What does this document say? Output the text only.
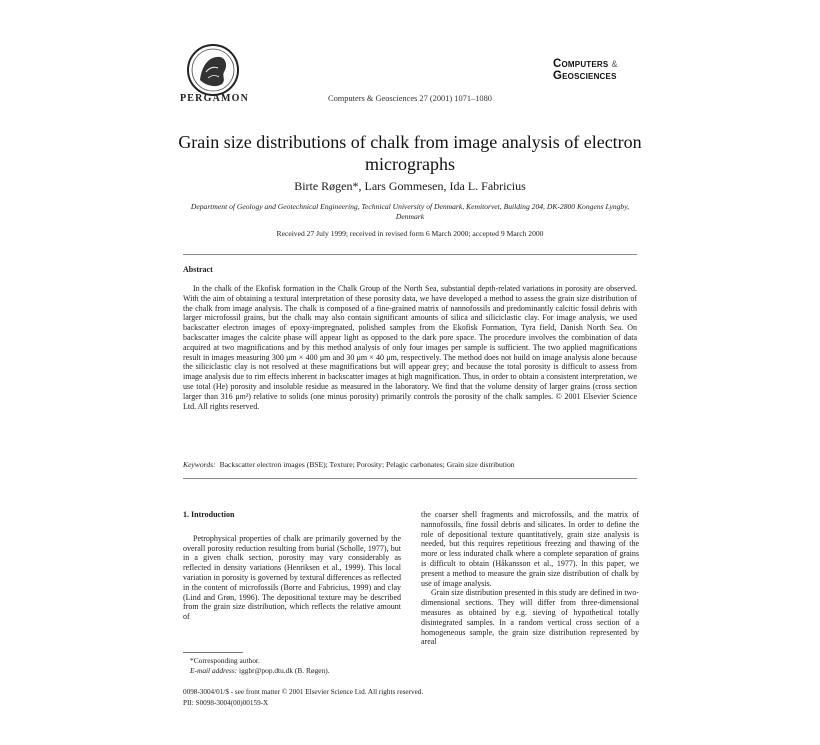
PERGAMON	Computers & Geosciences 27 (2001) 1071–1080
Computers &
Geosciences
Grain size distributions of chalk from image analysis of electron micrographs
Birte Røgen*, Lars Gommesen, Ida L. Fabricius
Department of Geology and Geotechnical Engineering, Technical University of Denmark, Kemitorvet, Building 204, DK-2800 Kongens Lyngby, Denmark
Received 27 July 1999; received in revised form 6 March 2000; accepted 9 March 2000
Abstract

In the chalk of the Ekofisk formation in the Chalk Group of the North Sea, substantial depth-related variations in porosity are observed. With the aim of obtaining a textural interpretation of these porosity data, we have developed a method to assess the grain size distribution of the chalk from image analysis. The chalk is composed of a fine-grained matrix of nannofossils and predominantly calcitic fossil debris with larger microfossil grains, but the chalk may also contain significant amounts of silica and siliciclastic clay. For image analysis, we used backscatter electron images of epoxy-impregnated, polished samples from the Ekofisk Formation, Tyra field, Danish North Sea. On backscatter images the calcite phase will appear light as opposed to the dark pore space. The procedure involves the combination of data acquired at two magnifications and by this method analysis of only four images per sample is sufficient. The two applied magnifications result in images measuring 300 μm × 400 μm and 30 μm × 40 μm, respectively. The method does not build on image analysis alone because the siliciclastic clay is not resolved at these magnifications but will appear grey; and because the total porosity is difficult to assess from image analysis due to rim effects inherent in backscatter images at high magnification. Thus, in order to obtain a consistent interpretation, we use total (He) porosity and insoluble residue as measured in the laboratory. We find that the volume density of larger grains (cross section larger than 316 μm²) relative to solids (one minus porosity) primarily controls the porosity of the chalk samples. © 2001 Elsevier Science Ltd. All rights reserved.

Keywords: Backscatter electron images (BSE); Texture; Porosity; Pelagic carbonates; Grain size distribution

1. Introduction

Petrophysical properties of chalk are primarily governed by the overall porosity reduction resulting from burial (Scholle, 1977), but in a given chalk section, porosity may vary considerably as reflected in density variations (Henriksen et al., 1999). This local variation in porosity is governed by textural differences as reflected in the content of microfossils (Borre and Fabricius, 1999) and clay (Lind and Grøn, 1996). The depositional texture may be described from the grain size distribution, which reflects the relative amount of

the coarser shell fragments and microfossils, and the matrix of nannofossils, fine fossil debris and silicates. In order to define the role of depositional texture quantitatively, grain size analysis is needed, but this requires repetitious freezing and thawing of the more or less indurated chalk where a complete separation of grains is difficult to obtain (Håkansson et al., 1977). In this paper, we present a method to measure the grain size distribution of chalk by use of image analysis.

Grain size distribution presented in this study are defined in two-dimensional sections. They will differ from three-dimensional measures as obtained by e.g. sieving of hypothetical totally disintegrated samples. In a random vertical cross section of a homogeneous sample, the grain size distribution represented by areal

*Corresponding author.
E-mail address: iggbr@pop.dtu.dk (B. Røgen).
0098-3004/01/$ - see front matter © 2001 Elsevier Science Ltd. All rights reserved.
PII: S0098-3004(00)00159-X
